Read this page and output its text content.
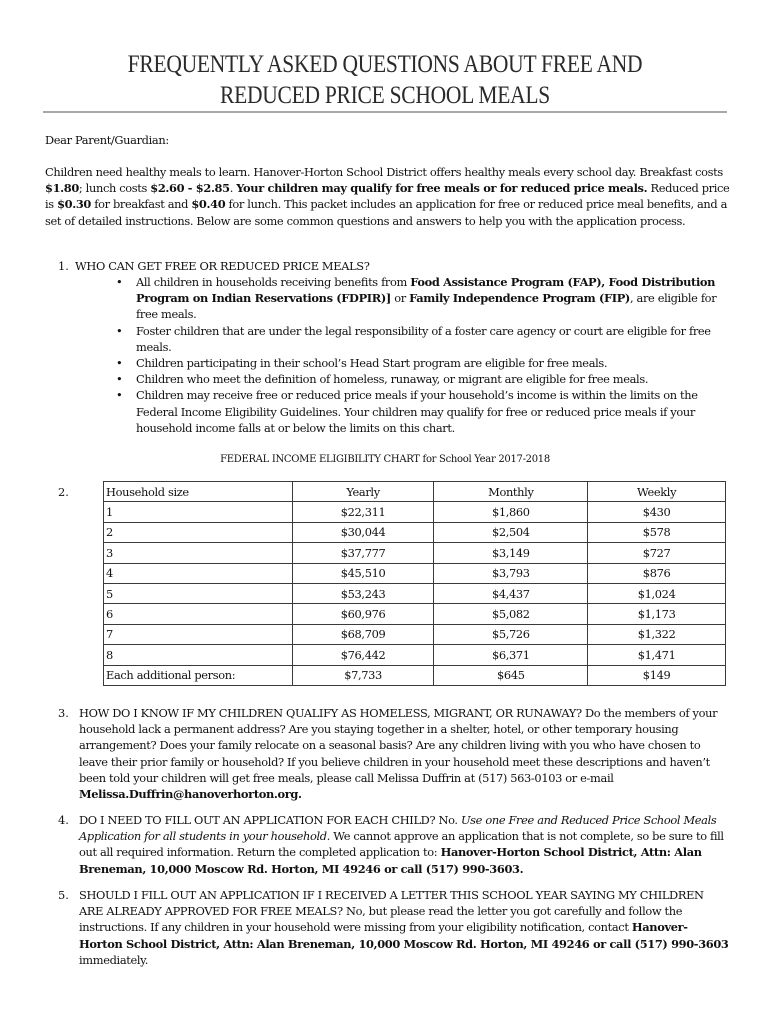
FREQUENTLY ASKED QUESTIONS ABOUT FREE AND
REDUCED PRICE SCHOOL MEALS
Dear Parent/Guardian:
Children need healthy meals to learn. Hanover-Horton School District offers healthy meals every school day. Breakfast costs $1.80; lunch costs $2.60 - $2.85. Your children may qualify for free meals or for reduced price meals. Reduced price is $0.30 for breakfast and $0.40 for lunch. This packet includes an application for free or reduced price meal benefits, and a set of detailed instructions. Below are some common questions and answers to help you with the application process.
1. WHO CAN GET FREE OR REDUCED PRICE MEALS?
• All children in households receiving benefits from Food Assistance Program (FAP), Food Distribution Program on Indian Reservations (FDPIR)] or Family Independence Program (FIP), are eligible for free meals.
• Foster children that are under the legal responsibility of a foster care agency or court are eligible for free meals.
• Children participating in their school’s Head Start program are eligible for free meals.
• Children who meet the definition of homeless, runaway, or migrant are eligible for free meals.
• Children may receive free or reduced price meals if your household’s income is within the limits on the Federal Income Eligibility Guidelines. Your children may qualify for free or reduced price meals if your household income falls at or below the limits on this chart.
FEDERAL INCOME ELIGIBILITY CHART for School Year 2017-2018
2.	Household size	Yearly	Monthly	Weekly
1	$22,311	$1,860	$430
2	$30,044	$2,504	$578
3	$37,777	$3,149	$727
4	$45,510	$3,793	$876
5	$53,243	$4,437	$1,024
6	$60,976	$5,082	$1,173
7	$68,709	$5,726	$1,322
8	$76,442	$6,371	$1,471
Each additional person:	$7,733	$645	$149
3. HOW DO I KNOW IF MY CHILDREN QUALIFY AS HOMELESS, MIGRANT, OR RUNAWAY? Do the members of your household lack a permanent address? Are you staying together in a shelter, hotel, or other temporary housing arrangement? Does your family relocate on a seasonal basis? Are any children living with you who have chosen to leave their prior family or household? If you believe children in your household meet these descriptions and haven’t been told your children will get free meals, please call Melissa Duffrin at (517) 563-0103 or e-mail Melissa.Duffrin@hanoverhorton.org.
4. DO I NEED TO FILL OUT AN APPLICATION FOR EACH CHILD? No. Use one Free and Reduced Price School Meals Application for all students in your household. We cannot approve an application that is not complete, so be sure to fill out all required information. Return the completed application to: Hanover-Horton School District, Attn: Alan Breneman, 10,000 Moscow Rd. Horton, MI 49246 or call (517) 990-3603.
5. SHOULD I FILL OUT AN APPLICATION IF I RECEIVED A LETTER THIS SCHOOL YEAR SAYING MY CHILDREN ARE ALREADY APPROVED FOR FREE MEALS? No, but please read the letter you got carefully and follow the instructions. If any children in your household were missing from your eligibility notification, contact Hanover-Horton School District, Attn: Alan Breneman, 10,000 Moscow Rd. Horton, MI 49246 or call (517) 990-3603 immediately.
